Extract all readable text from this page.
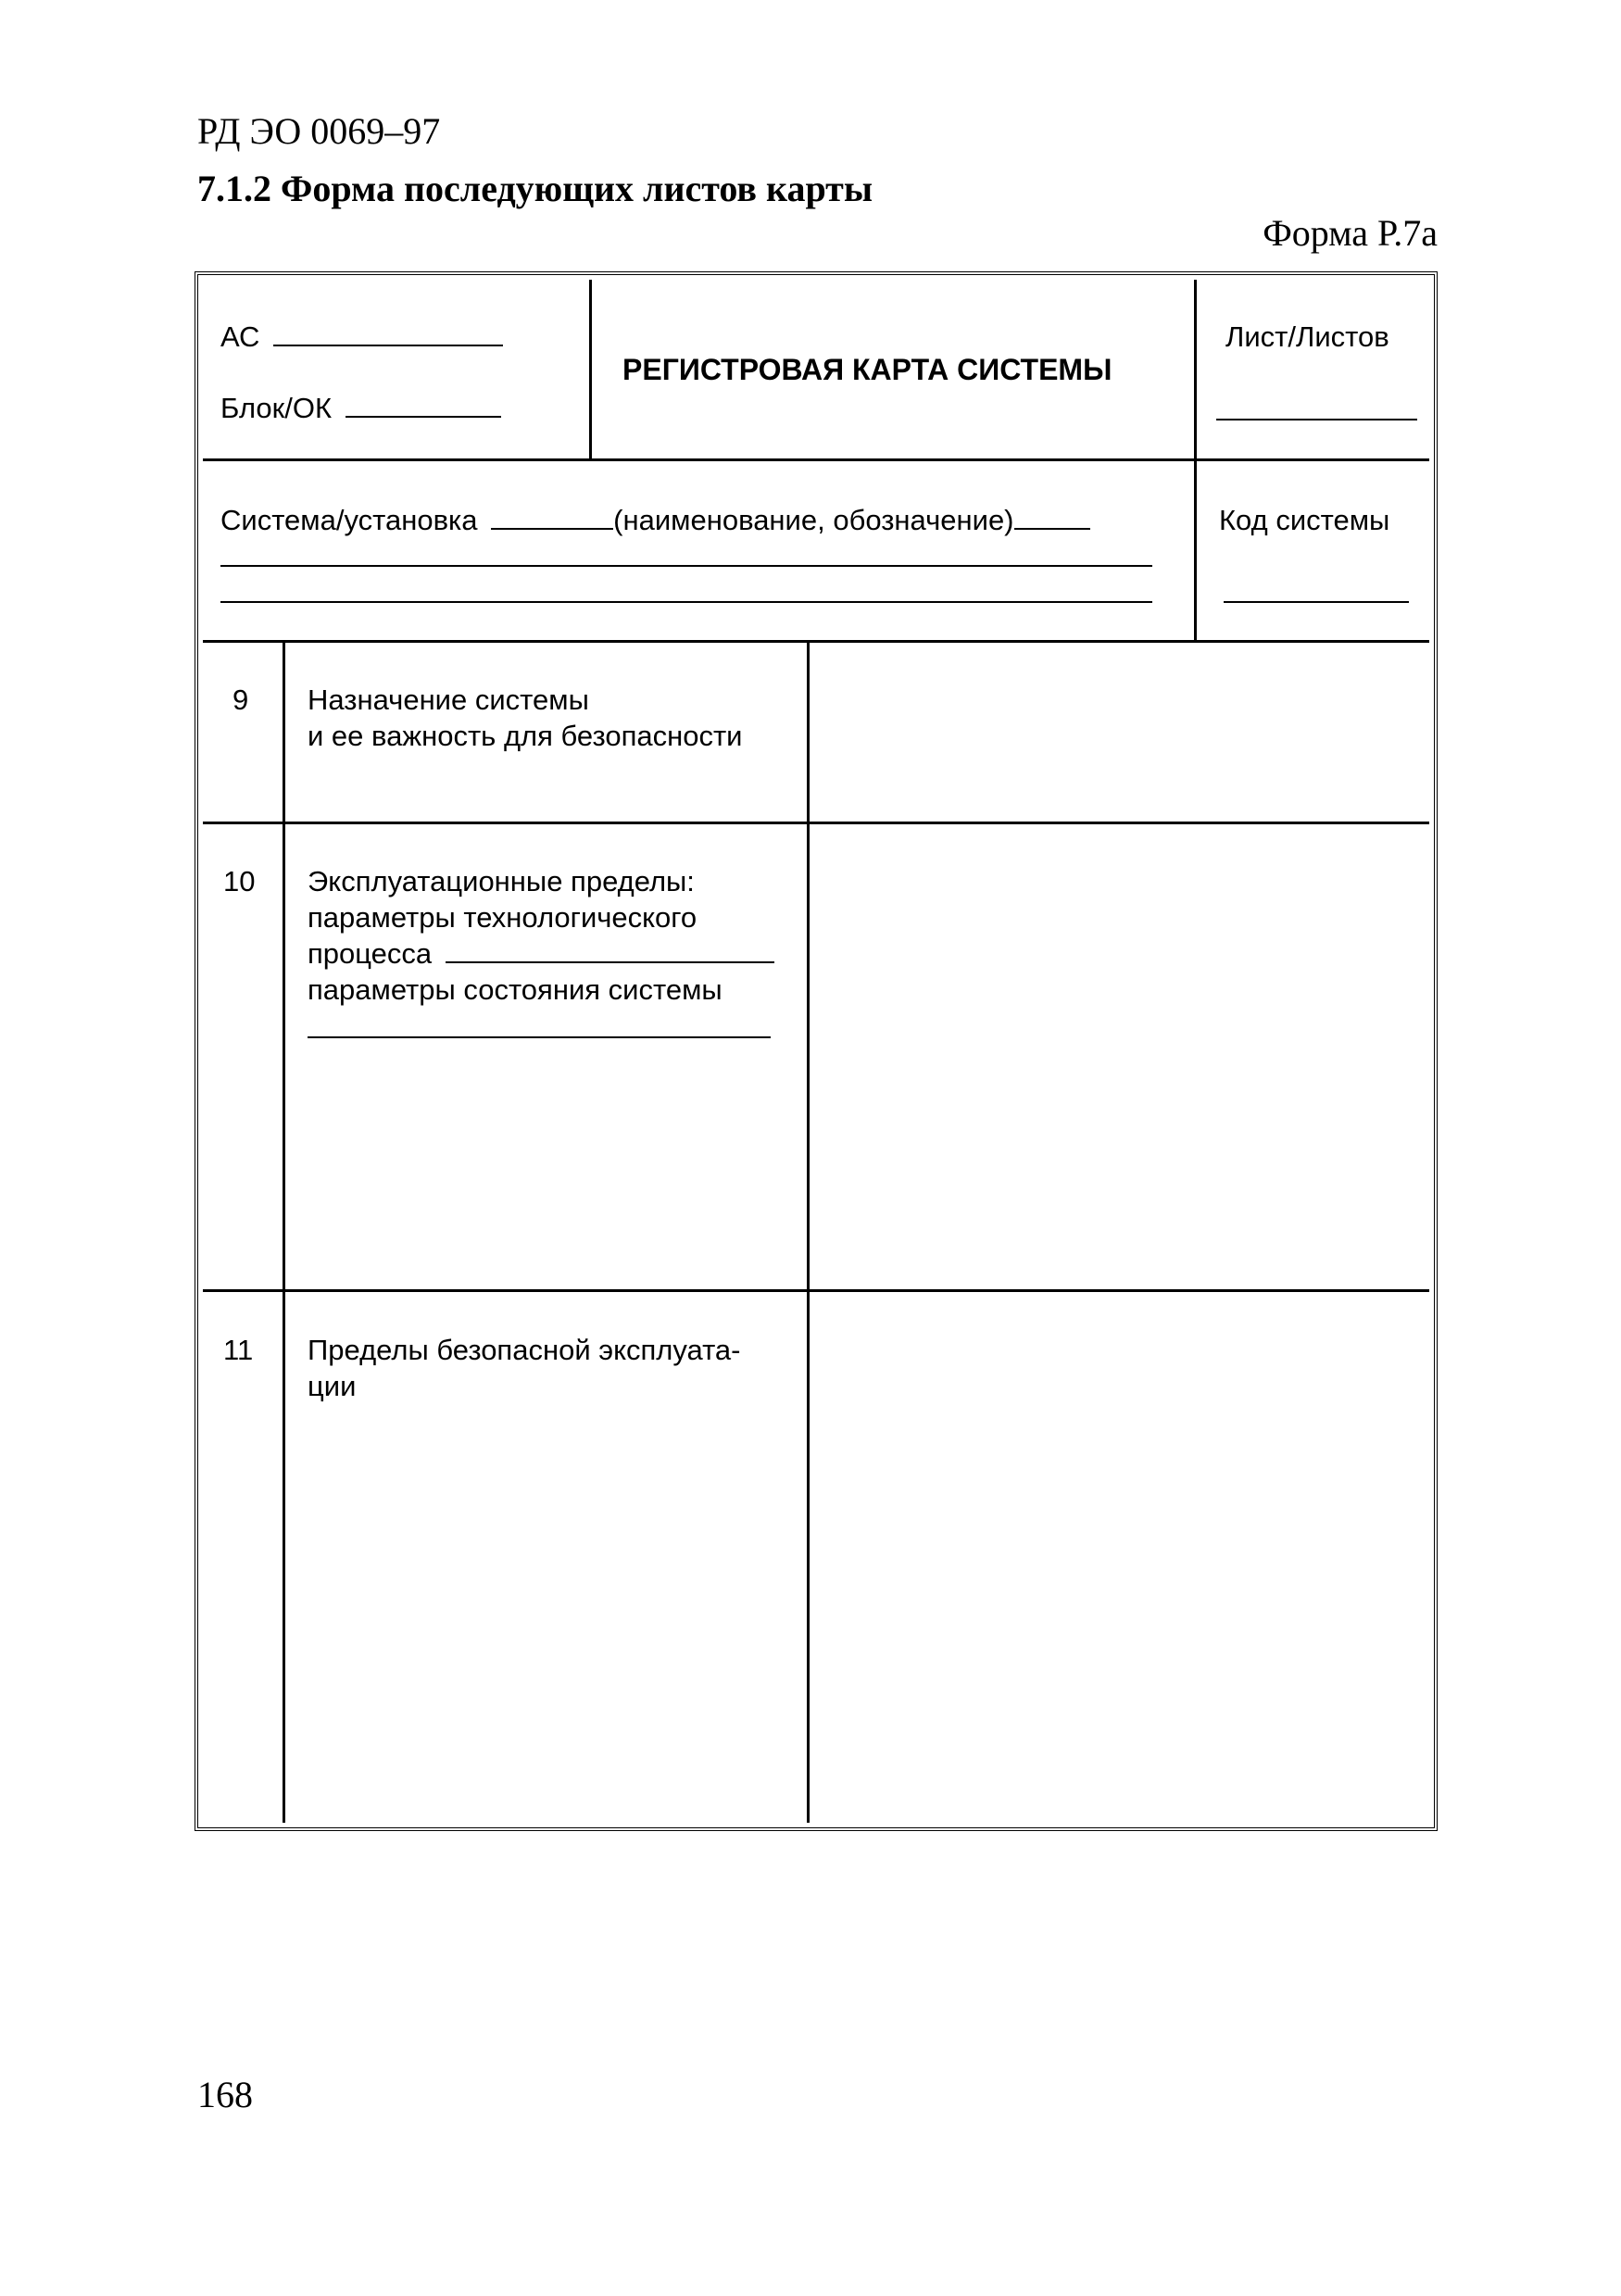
РД ЭО 0069–97
7.1.2 Форма последующих листов карты
Форма Р.7а
АС
Блок/ОК
РЕГИСТРОВАЯ КАРТА СИСТЕМЫ
Лист/Листов
Система/установка	(наименование, обозначение)	Код системы
9 Назначение системы
и ее важность для безопасности
10 Эксплуатационные пределы:
параметры технологического
процесса
параметры состояния системы
11 Пределы безопасной эксплуата-
ции
168
